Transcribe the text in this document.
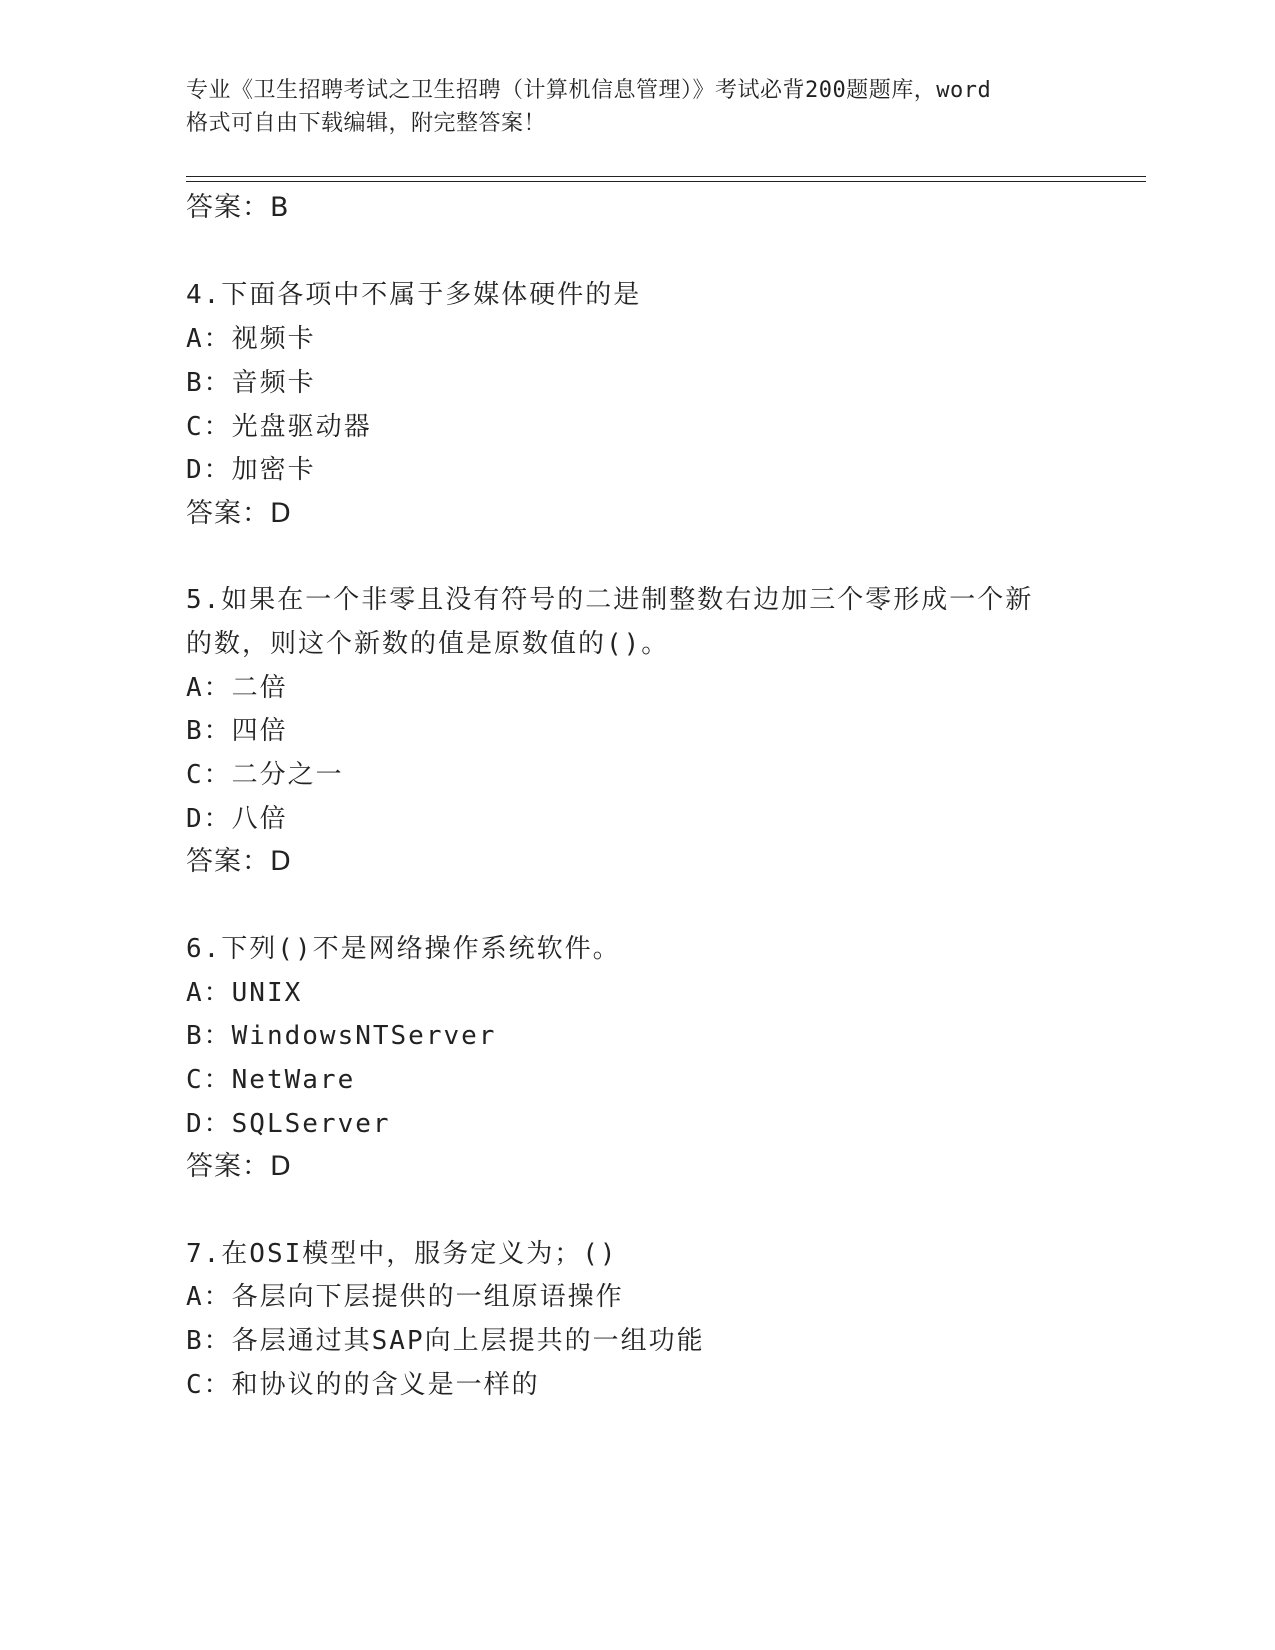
专业《卫生招聘考试之卫生招聘（计算机信息管理）》考试必背200题题库，word
格式可自由下载编辑，附完整答案！
答案：B
4.下面各项中不属于多媒体硬件的是
A：视频卡
B：音频卡
C：光盘驱动器
D：加密卡
答案：D
5.如果在一个非零且没有符号的二进制整数右边加三个零形成一个新
的数，则这个新数的值是原数值的()。
A：二倍
B：四倍
C：二分之一
D：八倍
答案：D
6.下列()不是网络操作系统软件。
A：UNIX
B：WindowsNTServer
C：NetWare
D：SQLServer
答案：D
7.在OSI模型中，服务定义为；()
A：各层向下层提供的一组原语操作
B：各层通过其SAP向上层提共的一组功能
C：和协议的的含义是一样的
